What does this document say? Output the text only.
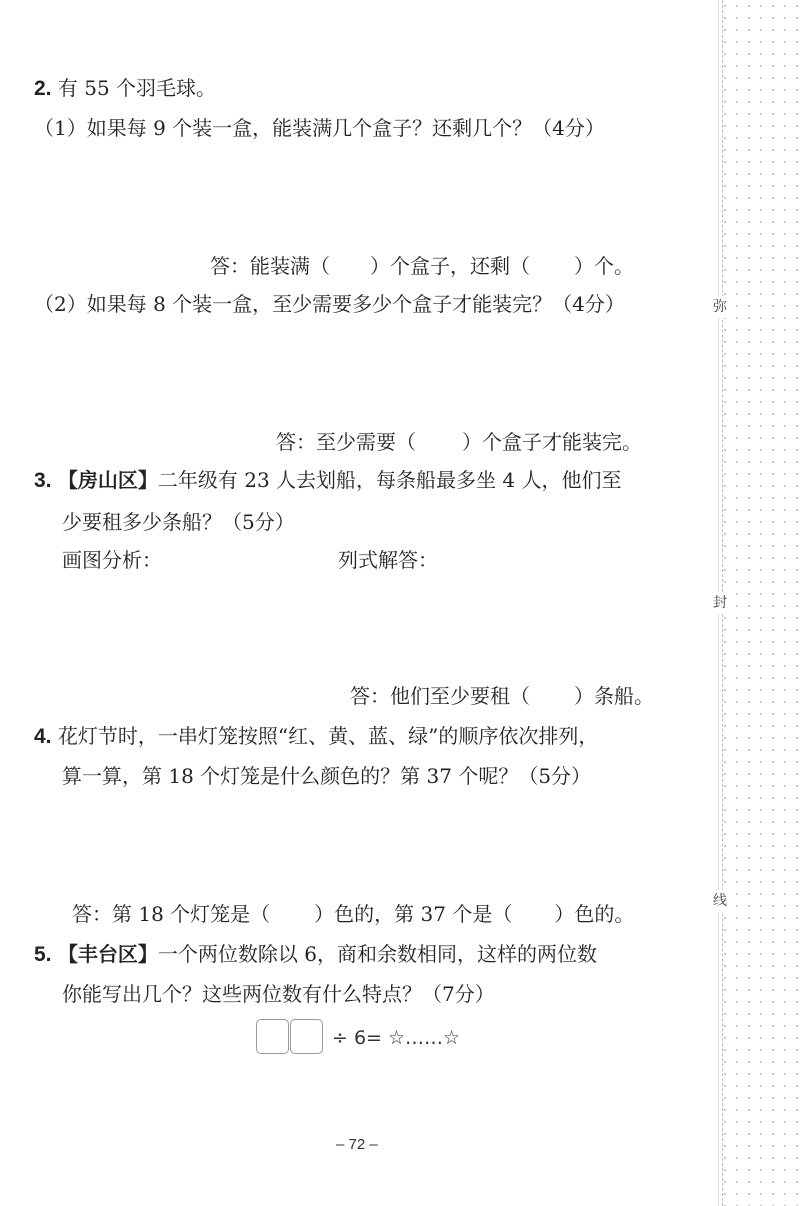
2. 有 55 个羽毛球。
（1）如果每 9 个装一盒，能装满几个盒子？还剩几个？（4分）
答：能装满（ ）个盒子，还剩（ ）个。
（2）如果每 8 个装一盒，至少需要多少个盒子才能装完？（4分）
答：至少需要（ ）个盒子才能装完。
3. 【房山区】二年级有 23 人去划船，每条船最多坐 4 人，他们至
少要租多少条船？（5分）
画图分析：	列式解答：
答：他们至少要租（ ）条船。
4. 花灯节时，一串灯笼按照“红、黄、蓝、绿”的顺序依次排列，
算一算，第 18 个灯笼是什么颜色的？第 37 个呢？（5分）
答：第 18 个灯笼是（ ）色的，第 37 个是（ ）色的。
5. 【丰台区】一个两位数除以 6，商和余数相同，这样的两位数
你能写出几个？这些两位数有什么特点？（7分）
÷ 6= ☆……☆
– 72 –
弥
封
线
